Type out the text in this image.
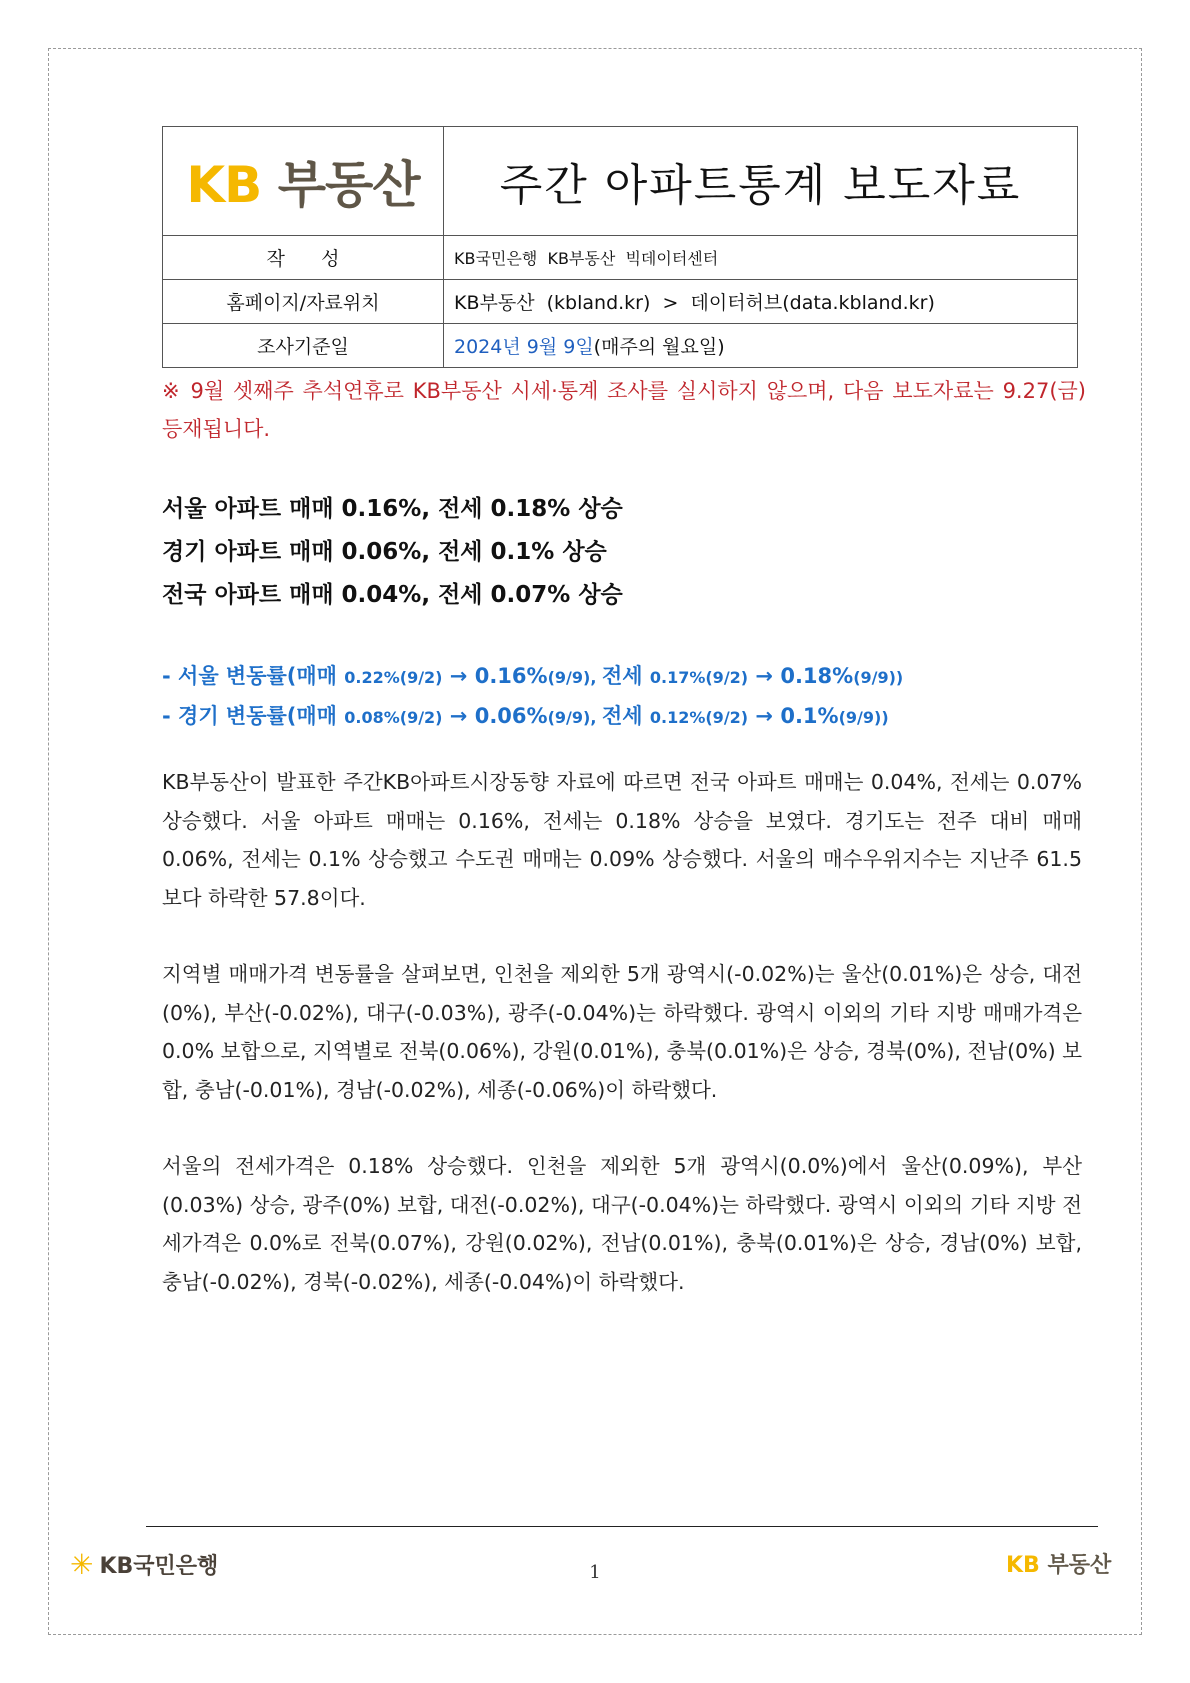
KB 부동산	주간 아파트통계 보도자료
작      성	KB국민은행  KB부동산  빅데이터센터
홈페이지/자료위치	KB부동산  (kbland.kr)  >  데이터허브(data.kbland.kr)
조사기준일	2024년 9월 9일(매주의 월요일)
※ 9월 셋째주 추석연휴로 KB부동산 시세·통계 조사를 실시하지 않으며, 다음 보도자료는 9.27(금) 등재됩니다.
서울 아파트 매매 0.16%, 전세 0.18% 상승
경기 아파트 매매 0.06%, 전세 0.1% 상승
전국 아파트 매매 0.04%, 전세 0.07% 상승
- 서울 변동률(매매 0.22%(9/2) → 0.16%(9/9), 전세 0.17%(9/2) → 0.18%(9/9))
- 경기 변동률(매매 0.08%(9/2) → 0.06%(9/9), 전세 0.12%(9/2) → 0.1%(9/9))

KB부동산이 발표한 주간KB아파트시장동향 자료에 따르면 전국 아파트 매매는 0.04%, 전세는 0.07% 상승했다. 서울 아파트 매매는 0.16%, 전세는 0.18% 상승을 보였다. 경기도는 전주 대비 매매 0.06%, 전세는 0.1% 상승했고 수도권 매매는 0.09% 상승했다. 서울의 매수우위지수는 지난주 61.5보다 하락한 57.8이다.

지역별 매매가격 변동률을 살펴보면, 인천을 제외한 5개 광역시(-0.02%)는 울산(0.01%)은 상승, 대전(0%), 부산(-0.02%), 대구(-0.03%), 광주(-0.04%)는 하락했다. 광역시 이외의 기타 지방 매매가격은 0.0% 보합으로, 지역별로 전북(0.06%), 강원(0.01%), 충북(0.01%)은 상승, 경북(0%), 전남(0%) 보합, 충남(-0.01%), 경남(-0.02%), 세종(-0.06%)이 하락했다.

서울의 전세가격은 0.18% 상승했다. 인천을 제외한 5개 광역시(0.0%)에서 울산(0.09%), 부산(0.03%) 상승, 광주(0%) 보합, 대전(-0.02%), 대구(-0.04%)는 하락했다. 광역시 이외의 기타 지방 전세가격은 0.0%로 전북(0.07%), 강원(0.02%), 전남(0.01%), 충북(0.01%)은 상승, 경남(0%) 보합, 충남(-0.02%), 경북(-0.02%), 세종(-0.04%)이 하락했다.

✳ KB국민은행	1	KB 부동산
